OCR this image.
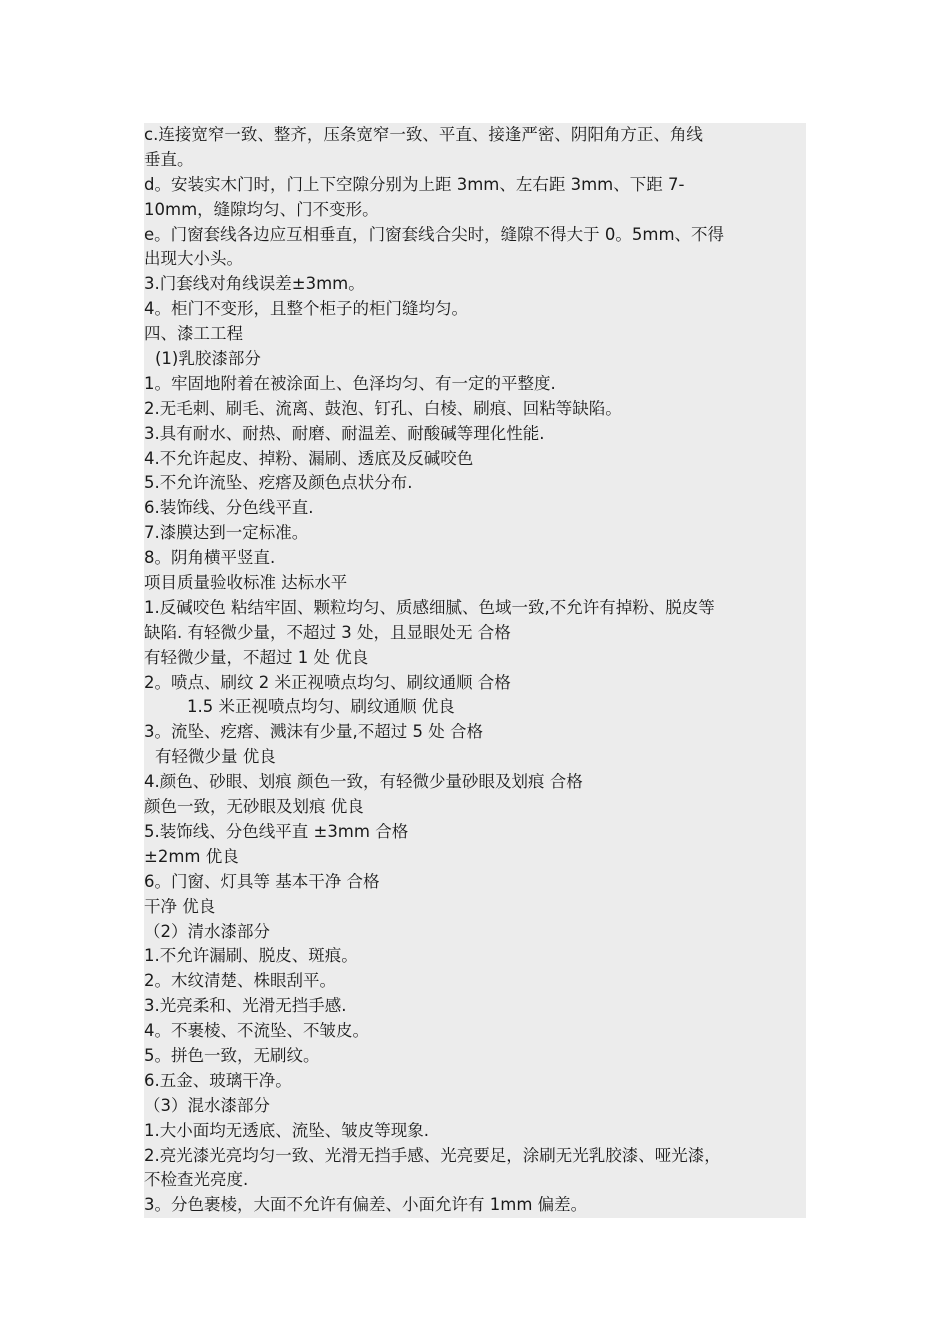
c.连接宽窄一致、整齐，压条宽窄一致、平直、接逢严密、阴阳角方正、角线
垂直。
d。安装实木门时，门上下空隙分别为上距 3mm、左右距 3mm、下距 7-
10mm，缝隙均匀、门不变形。
e。门窗套线各边应互相垂直，门窗套线合尖时，缝隙不得大于 0。5mm、不得
出现大小头。
3.门套线对角线误差±3mm。
4。柜门不变形，且整个柜子的柜门缝均匀。
四、漆工工程
(1)乳胶漆部分
1。牢固地附着在被涂面上、色泽均匀、有一定的平整度.
2.无毛刺、刷毛、流离、鼓泡、钉孔、白棱、刷痕、回粘等缺陷。
3.具有耐水、耐热、耐磨、耐温差、耐酸碱等理化性能.
4.不允许起皮、掉粉、漏刷、透底及反碱咬色
5.不允许流坠、疙瘩及颜色点状分布.
6.装饰线、分色线平直.
7.漆膜达到一定标准。
8。阴角横平竖直.
项目质量验收标准 达标水平
1.反碱咬色 粘结牢固、颗粒均匀、质感细腻、色域一致,不允许有掉粉、脱皮等
缺陷. 有轻微少量，不超过 3 处，且显眼处无 合格
有轻微少量，不超过 1 处 优良
2。喷点、刷纹 2 米正视喷点均匀、刷纹通顺 合格
1.5 米正视喷点均匀、刷纹通顺 优良
3。流坠、疙瘩、溅沫有少量,不超过 5 处 合格
有轻微少量 优良
4.颜色、砂眼、划痕 颜色一致，有轻微少量砂眼及划痕 合格
颜色一致，无砂眼及划痕 优良
5.装饰线、分色线平直 ±3mm 合格
±2mm 优良
6。门窗、灯具等 基本干净 合格
干净 优良
（2）清水漆部分
1.不允许漏刷、脱皮、斑痕。
2。木纹清楚、株眼刮平。
3.光亮柔和、光滑无挡手感.
4。不裹棱、不流坠、不皱皮。
5。拼色一致，无刷纹。
6.五金、玻璃干净。
（3）混水漆部分
1.大小面均无透底、流坠、皱皮等现象.
2.亮光漆光亮均匀一致、光滑无挡手感、光亮要足，涂刷无光乳胶漆、哑光漆，
不检查光亮度.
3。分色裹棱，大面不允许有偏差、小面允许有 1mm 偏差。
